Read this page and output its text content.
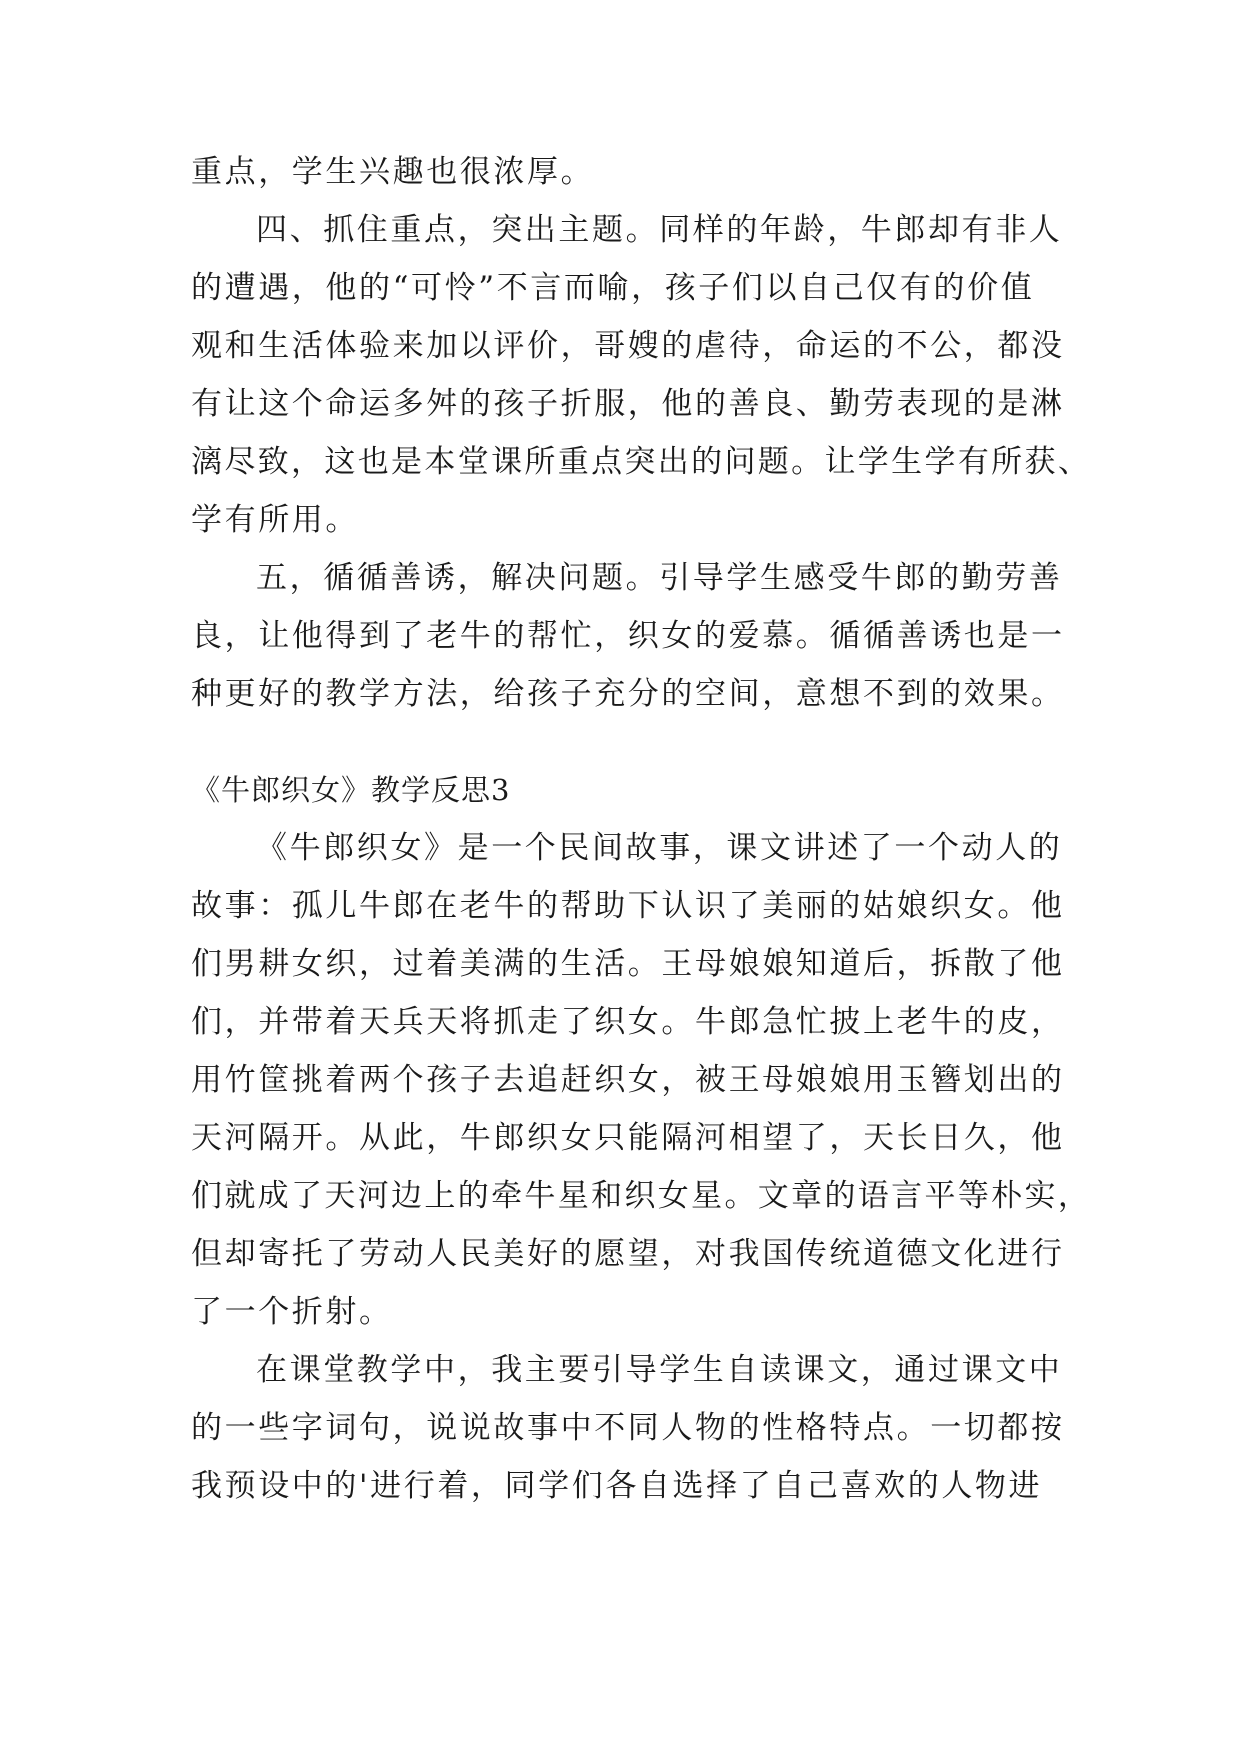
重点，学生兴趣也很浓厚。
四、抓住重点，突出主题。同样的年龄，牛郎却有非人
的遭遇，他的“可怜”不言而喻，孩子们以自己仅有的价值
观和生活体验来加以评价，哥嫂的虐待，命运的不公，都没
有让这个命运多舛的孩子折服，他的善良、勤劳表现的是淋
漓尽致，这也是本堂课所重点突出的问题。让学生学有所获、
学有所用。
五，循循善诱，解决问题。引导学生感受牛郎的勤劳善
良，让他得到了老牛的帮忙，织女的爱慕。循循善诱也是一
种更好的教学方法，给孩子充分的空间，意想不到的效果。
《牛郎织女》教学反思3
《牛郎织女》是一个民间故事，课文讲述了一个动人的
故事：孤儿牛郎在老牛的帮助下认识了美丽的姑娘织女。他
们男耕女织，过着美满的生活。王母娘娘知道后，拆散了他
们，并带着天兵天将抓走了织女。牛郎急忙披上老牛的皮，
用竹筐挑着两个孩子去追赶织女，被王母娘娘用玉簪划出的
天河隔开。从此，牛郎织女只能隔河相望了，天长日久，他
们就成了天河边上的牵牛星和织女星。文章的语言平等朴实，
但却寄托了劳动人民美好的愿望，对我国传统道德文化进行
了一个折射。
在课堂教学中，我主要引导学生自读课文，通过课文中
的一些字词句，说说故事中不同人物的性格特点。一切都按
我预设中的'进行着，同学们各自选择了自己喜欢的人物进
